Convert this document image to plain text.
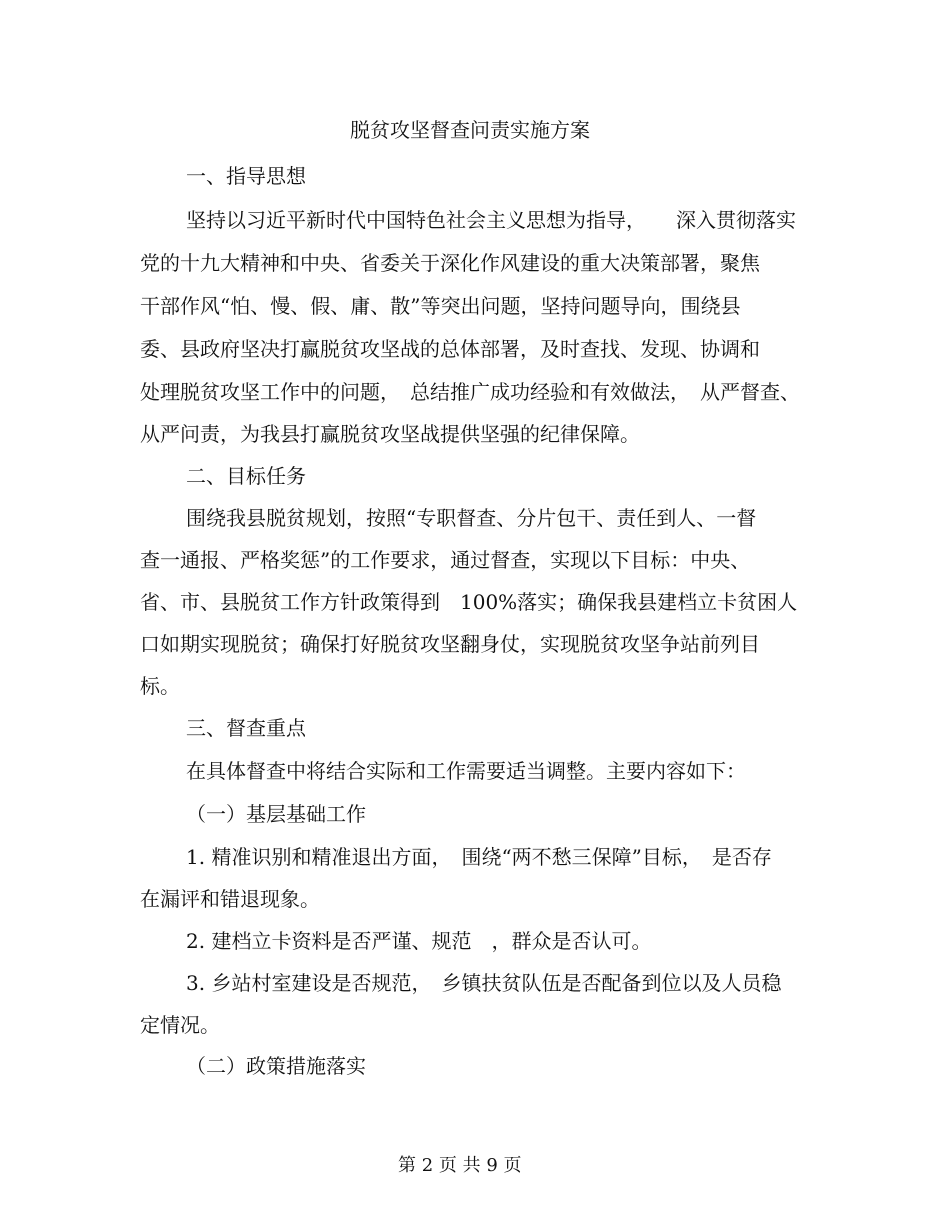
脱贫攻坚督查问责实施方案

一、指导思想

坚持以习近平新时代中国特色社会主义思想为指导，　　深入贯彻落实

党的十九大精神和中央、省委关于深化作风建设的重大决策部署，聚焦

干部作风“怕、慢、假、庸、散”等突出问题，坚持问题导向，围绕县

委、县政府坚决打赢脱贫攻坚战的总体部署，及时查找、发现、协调和

处理脱贫攻坚工作中的问题，　总结推广成功经验和有效做法，　从严督查、

从严问责，为我县打赢脱贫攻坚战提供坚强的纪律保障。

二、目标任务

围绕我县脱贫规划，按照“专职督查、分片包干、责任到人、一督

查一通报、严格奖惩”的工作要求，通过督查，实现以下目标：中央、

省、市、县脱贫工作方针政策得到　100%落实；确保我县建档立卡贫困人

口如期实现脱贫；确保打好脱贫攻坚翻身仗，实现脱贫攻坚争站前列目

标。

三、督查重点

在具体督查中将结合实际和工作需要适当调整。主要内容如下：

（一）基层基础工作

1. 精准识别和精准退出方面，　围绕“两不愁三保障”目标，　是否存

在漏评和错退现象。

2. 建档立卡资料是否严谨、规范　，群众是否认可。

3. 乡站村室建设是否规范，　乡镇扶贫队伍是否配备到位以及人员稳

定情况。

（二）政策措施落实

第 2 页 共 9 页
